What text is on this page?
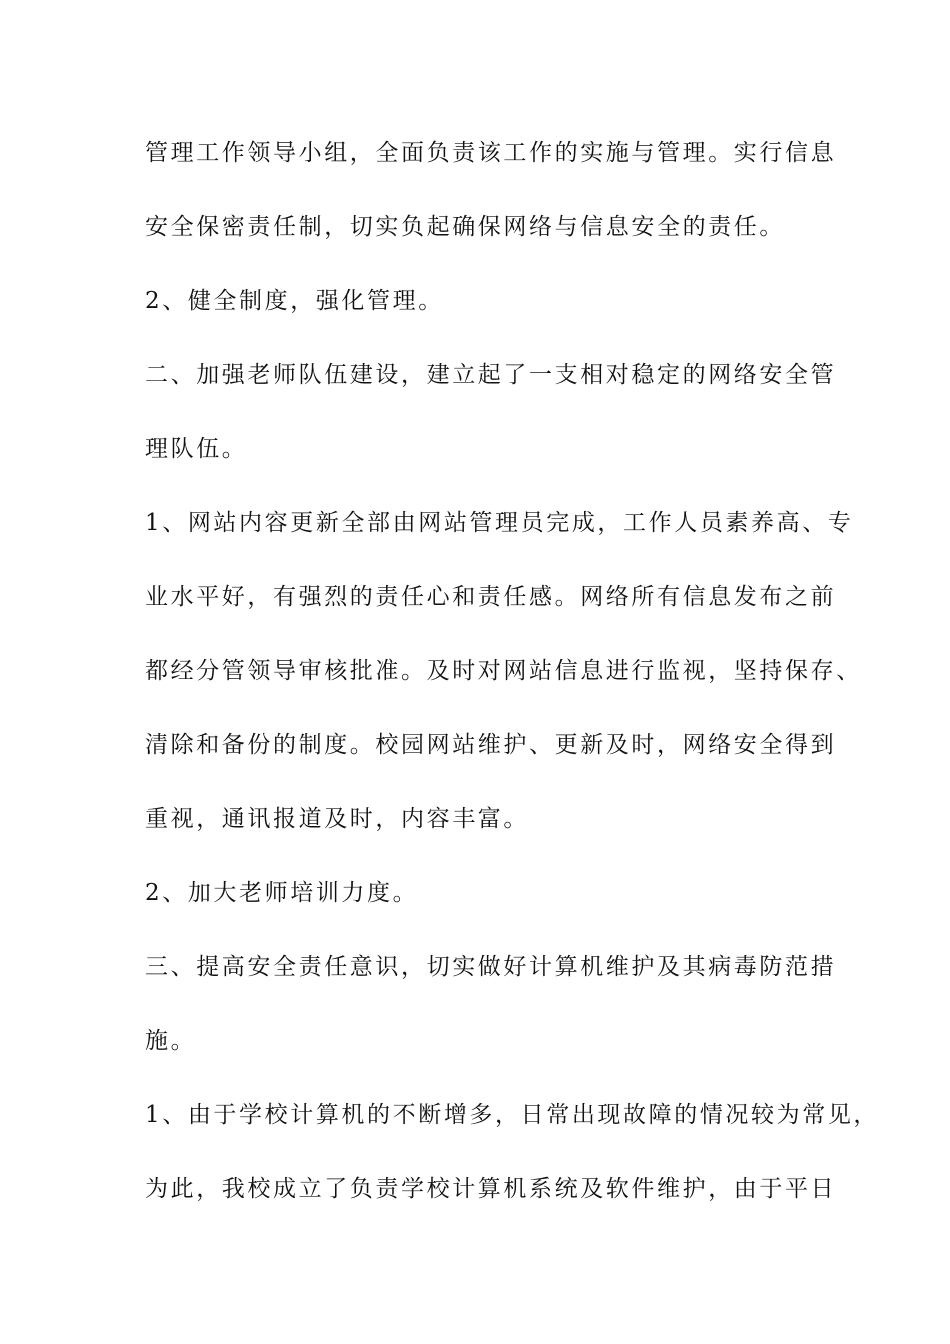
管理工作领导小组，全面负责该工作的实施与管理。实行信息

安全保密责任制，切实负起确保网络与信息安全的责任。

2、健全制度，强化管理。

二、加强老师队伍建设，建立起了一支相对稳定的网络安全管

理队伍。

1、网站内容更新全部由网站管理员完成，工作人员素养高、专

业水平好，有强烈的责任心和责任感。网络所有信息发布之前

都经分管领导审核批准。及时对网站信息进行监视，坚持保存、

清除和备份的制度。校园网站维护、更新及时，网络安全得到

重视，通讯报道及时，内容丰富。

2、加大老师培训力度。

三、提高安全责任意识，切实做好计算机维护及其病毒防范措

施。

1、由于学校计算机的不断增多，日常出现故障的情况较为常见，

为此，我校成立了负责学校计算机系统及软件维护，由于平日
